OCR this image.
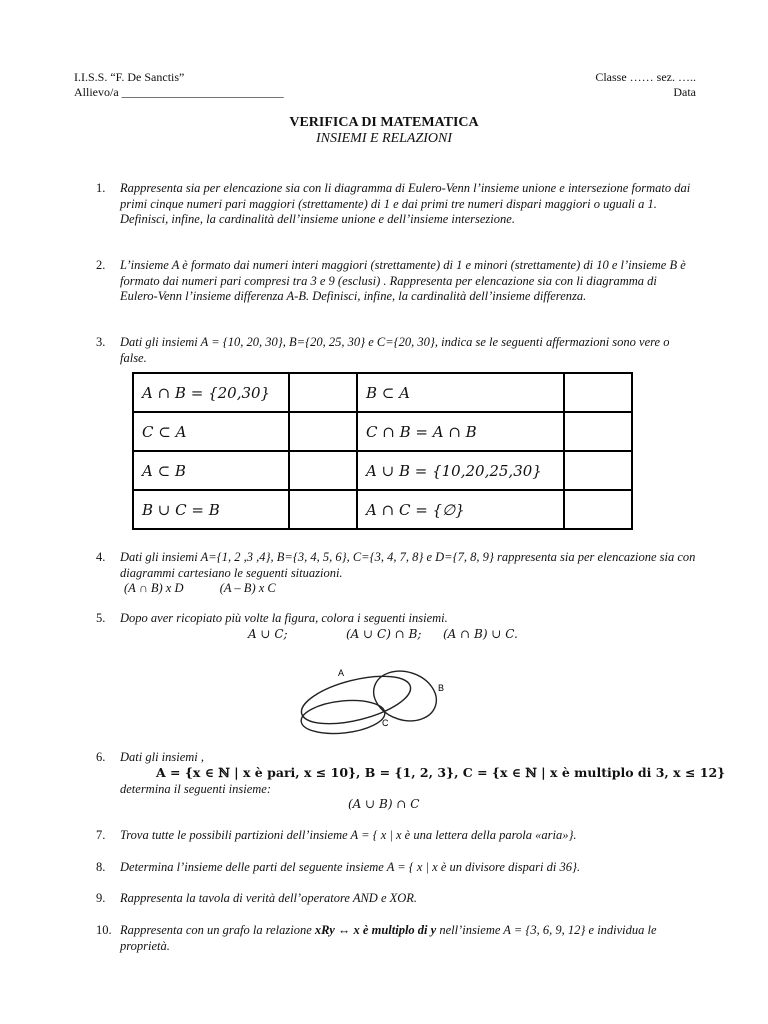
I.I.S.S. “F. De Sanctis”
Allievo/a ___________________________
Classe …… sez. …..
Data
VERIFICA DI MATEMATICA
INSIEMI E RELAZIONI
1. Rappresenta sia per elencazione sia con li diagramma di Eulero-Venn l’insieme unione e intersezione formato dai primi cinque numeri pari maggiori (strettamente) di 1 e dai primi tre numeri dispari maggiori o uguali a 1. Definisci, infine, la cardinalità dell’insieme unione e dell’insieme intersezione.
2. L’insieme A è formato dai numeri interi maggiori (strettamente) di 1 e minori (strettamente) di 10 e l’insieme B è formato dai numeri pari compresi tra 3 e 9 (esclusi) . Rappresenta per elencazione sia con li diagramma di Eulero-Venn l’insieme differenza A-B. Definisci, infine, la cardinalità dell’insieme differenza.
3. Dati gli insiemi A = {10, 20, 30}, B={20, 25, 30} e C={20, 30}, indica se le seguenti affermazioni sono vere o false.
A ∩ B = {20,30}		B ⊂ A	
C ⊂ A		C ∩ B = A ∩ B	
A ⊂ B		A ∪ B = {10,20,25,30}	
B ∪ C = B		A ∩ C = {∅}	
4. Dati gli insiemi A={1, 2 ,3 ,4}, B={3, 4, 5, 6}, C={3, 4, 7, 8} e D={7, 8, 9} rappresenta sia per elencazione sia con diagrammi cartesiano le seguenti situazioni.
(A ∩ B) x D	(A – B) x C
5. Dopo aver ricopiato più volte la figura, colora i seguenti insiemi.
A ∪ C;	(A ∪ C) ∩ B; (A ∩ B) ∪ C.
A
B
C
6. Dati gli insiemi ,
A = {x ∈ ℕ | x è pari, x ≤ 10}, B = {1, 2, 3}, C = {x ∈ ℕ | x è multiplo di 3, x ≤ 12}
determina il seguenti insieme:
(A ∪ B) ∩ C
7. Trova tutte le possibili partizioni dell’insieme A = { x | x è una lettera della parola «aria»}.
8. Determina l’insieme delle parti del seguente insieme A = { x | x è un divisore dispari di 36}.
9. Rappresenta la tavola di verità dell’operatore AND e XOR.
10. Rappresenta con un grafo la relazione xRy ↔ x è multiplo di y nell’insieme A = {3, 6, 9, 12} e individua le proprietà.
